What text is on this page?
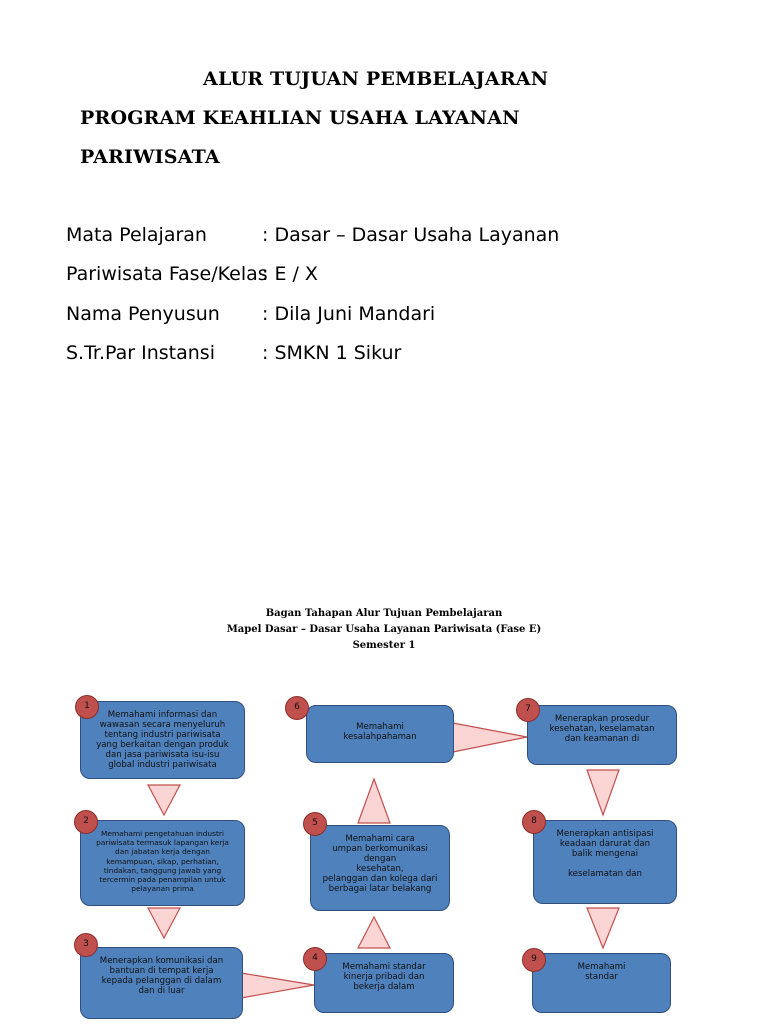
ALUR TUJUAN PEMBELAJARAN
PROGRAM KEAHLIAN USAHA LAYANAN
PARIWISATA
Mata Pelajaran	: Dasar – Dasar Usaha Layanan
Pariwisata Fase/Kelas: E / X
Nama Penyusun : Dila Juni Mandari
S.Tr.Par Instansi : SMKN 1 Sikur
Bagan Tahapan Alur Tujuan Pembelajaran
Mapel Dasar – Dasar Usaha Layanan Pariwisata (Fase E)
Semester 1
Memahami informasi dan
wawasan secara menyeluruh
tentang industri pariwisata
yang berkaitan dengan produk
dan jasa pariwisata isu-isu
global industri pariwisata
Memahami pengetahuan industri
pariwisata termasuk lapangan kerja
dan jabatan kerja dengan
kemampuan, sikap, perhatian,
tindakan, tanggung jawab yang
tercermin pada penampilan untuk
pelayanan prima
Menerapkan komunikasi dan
bantuan di tempat kerja
kepada pelanggan di dalam
dan di luar
Memahami standar
kinerja pribadi dan
bekerja dalam
Memahami cara
umpan berkomunikasi dengan
kesehatan,
pelanggan dan kolega dari
berbagai latar belakang
Memahami
kesalahpahaman
Menerapkan prosedur
kesehatan, keselamatan
dan keamanan di
Menerapkan antisipasi
keadaan darurat dan
balik mengenai

keselamatan dan
Memahami
standar
1
2
3
4
5
6	7
8
9
